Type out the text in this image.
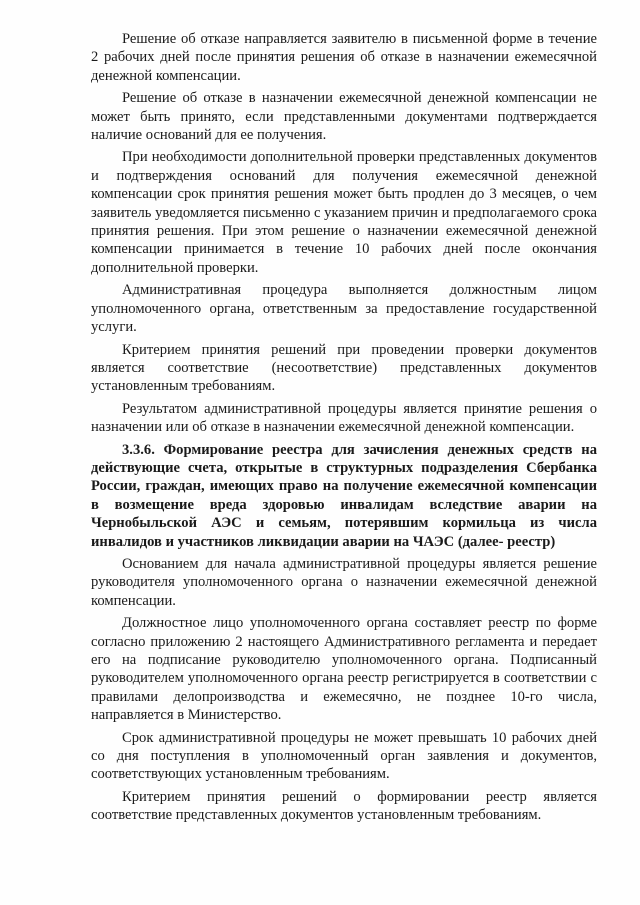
Решение об отказе направляется заявителю в письменной форме в течение 2 рабочих дней после принятия решения об отказе в назначении ежемесячной денежной компенсации.

Решение об отказе в назначении ежемесячной денежной компенсации не может быть принято, если представленными документами подтверждается наличие оснований для ее получения.

При необходимости дополнительной проверки представленных документов и подтверждения оснований для получения ежемесячной денежной компенсации срок принятия решения может быть продлен до 3 месяцев, о чем заявитель уведомляется письменно с указанием причин и предполагаемого срока принятия решения. При этом решение о назначении ежемесячной денежной компенсации принимается в течение 10 рабочих дней после окончания дополнительной проверки.

Административная процедура выполняется должностным лицом уполномоченного органа, ответственным за предоставление государственной услуги.

Критерием принятия решений при проведении проверки документов является соответствие (несоответствие) представленных документов установленным требованиям.

Результатом административной процедуры является принятие решения о назначении или об отказе в назначении ежемесячной денежной компенсации.

3.3.6. Формирование реестра для зачисления денежных средств на действующие счета, открытые в структурных подразделения Сбербанка России, граждан, имеющих право на получение ежемесячной компенсации в возмещение вреда здоровью инвалидам вследствие аварии на Чернобыльской АЭС и семьям, потерявшим кормильца из числа инвалидов и участников ликвидации аварии на ЧАЭС (далее- реестр)

Основанием для начала административной процедуры является решение руководителя уполномоченного органа о назначении ежемесячной денежной компенсации.

Должностное лицо уполномоченного органа составляет реестр по форме согласно приложению 2 настоящего Административного регламента и передает его на подписание руководителю уполномоченного органа. Подписанный руководителем уполномоченного органа реестр регистрируется в соответствии с правилами делопроизводства и ежемесячно, не позднее 10-го числа, направляется в Министерство.

Срок административной процедуры не может превышать 10 рабочих дней со дня поступления в уполномоченный орган заявления и документов, соответствующих установленным требованиям.

Критерием принятия решений о формировании реестр является соответствие представленных документов установленным требованиям.
